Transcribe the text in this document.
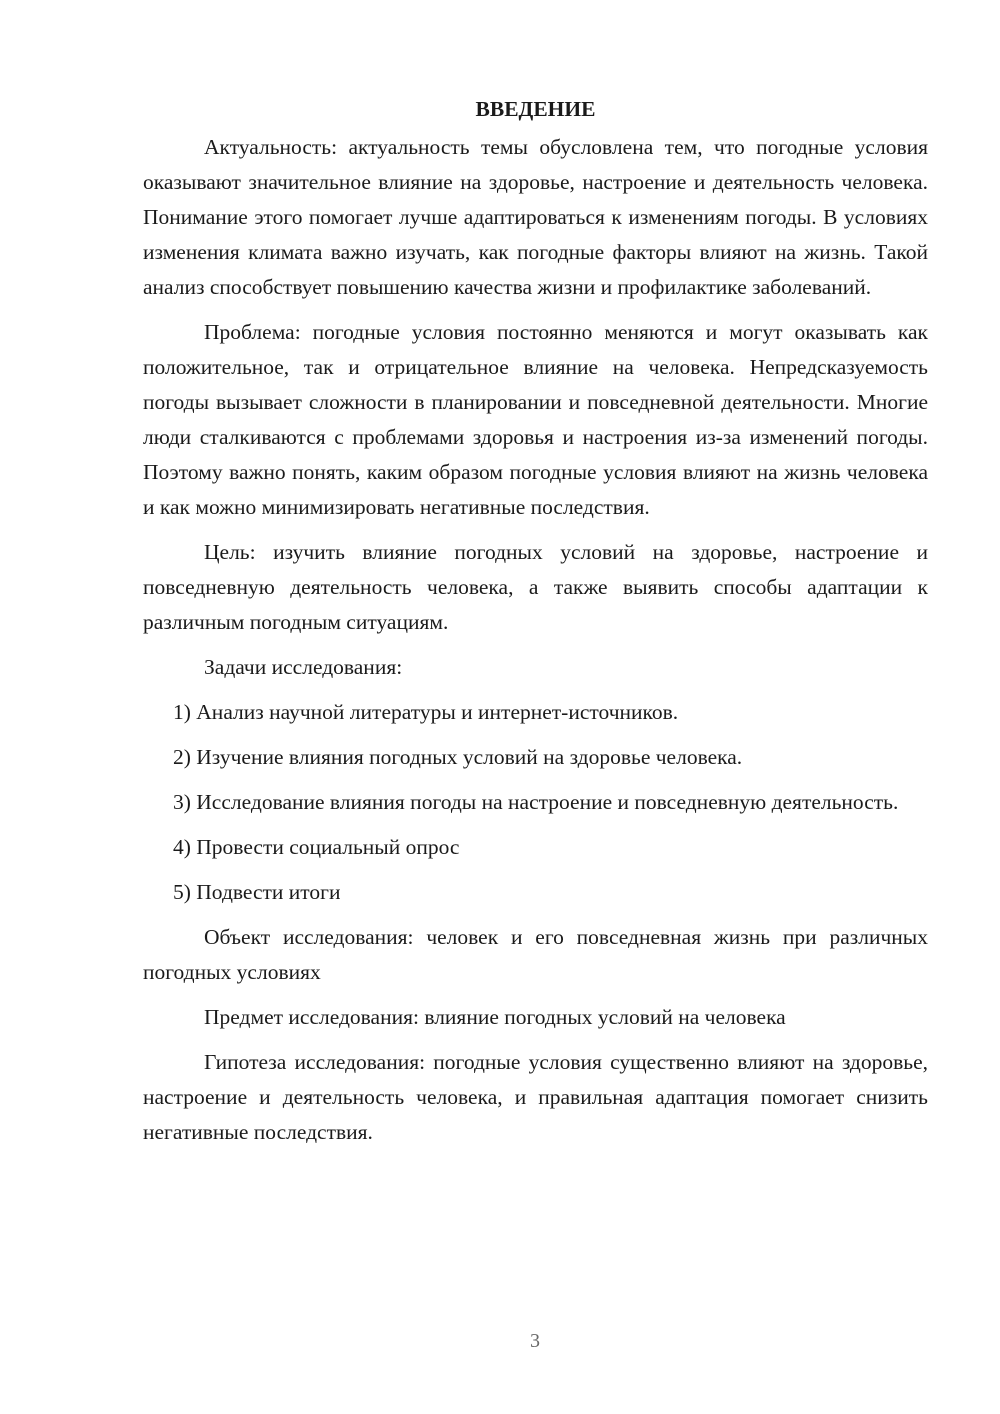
ВВЕДЕНИЕ

Актуальность: актуальность темы обусловлена тем, что погодные условия оказывают значительное влияние на здоровье, настроение и деятельность человека. Понимание этого помогает лучше адаптироваться к изменениям погоды. В условиях изменения климата важно изучать, как погодные факторы влияют на жизнь. Такой анализ способствует повышению качества жизни и профилактике заболеваний.

Проблема: погодные условия постоянно меняются и могут оказывать как положительное, так и отрицательное влияние на человека. Непредсказуемость погоды вызывает сложности в планировании и повседневной деятельности. Многие люди сталкиваются с проблемами здоровья и настроения из-за изменений погоды. Поэтому важно понять, каким образом погодные условия влияют на жизнь человека и как можно минимизировать негативные последствия.

Цель: изучить влияние погодных условий на здоровье, настроение и повседневную деятельность человека, а также выявить способы адаптации к различным погодным ситуациям.

Задачи исследования:

1) Анализ научной литературы и интернет-источников.

2) Изучение влияния погодных условий на здоровье человека.

3) Исследование влияния погоды на настроение и повседневную деятельность.

4) Провести социальный опрос

5) Подвести итоги

Объект исследования: человек и его повседневная жизнь при различных погодных условиях

Предмет исследования: влияние погодных условий на человека

Гипотеза исследования: погодные условия существенно влияют на здоровье, настроение и деятельность человека, и правильная адаптация помогает снизить негативные последствия.

3
